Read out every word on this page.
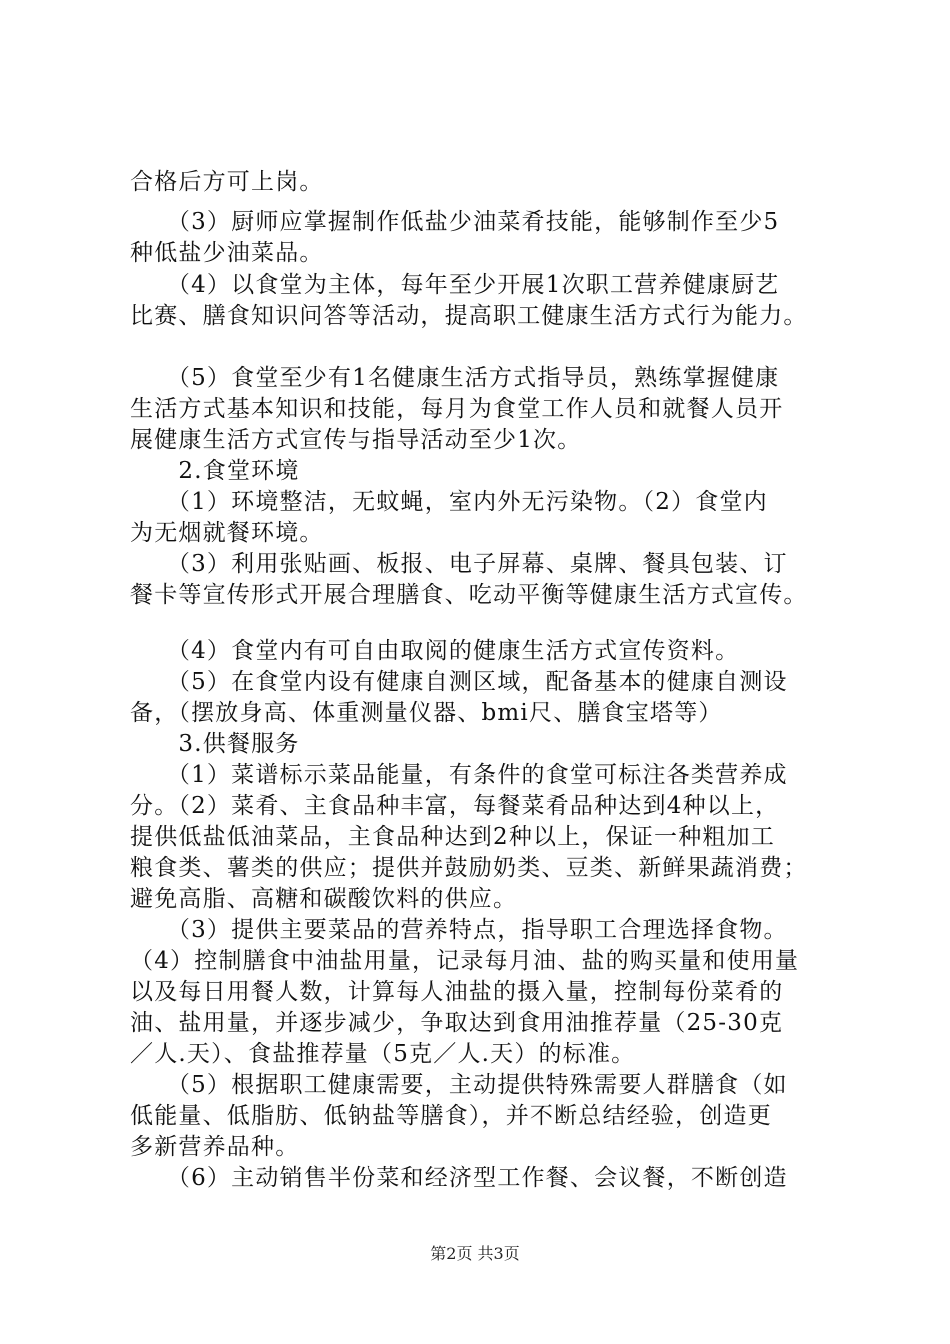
合格后方可上岗。
　　（3）厨师应掌握制作低盐少油菜肴技能，能够制作至少5
种低盐少油菜品。
　　（4）以食堂为主体，每年至少开展1次职工营养健康厨艺
比赛、膳食知识问答等活动，提高职工健康生活方式行为能力。
　　（5）食堂至少有1名健康生活方式指导员，熟练掌握健康
生活方式基本知识和技能，每月为食堂工作人员和就餐人员开
展健康生活方式宣传与指导活动至少1次。
　　2.食堂环境
　　（1）环境整洁，无蚊蝇，室内外无污染物。（2）食堂内
为无烟就餐环境。
　　（3）利用张贴画、板报、电子屏幕、桌牌、餐具包装、订
餐卡等宣传形式开展合理膳食、吃动平衡等健康生活方式宣传。
　　（4）食堂内有可自由取阅的健康生活方式宣传资料。
　　（5）在食堂内设有健康自测区域，配备基本的健康自测设
备，（摆放身高、体重测量仪器、bmi尺、膳食宝塔等）
　　3.供餐服务
　　（1）菜谱标示菜品能量，有条件的食堂可标注各类营养成
分。（2）菜肴、主食品种丰富，每餐菜肴品种达到4种以上，
提供低盐低油菜品，主食品种达到2种以上，保证一种粗加工
粮食类、薯类的供应；提供并鼓励奶类、豆类、新鲜果蔬消费；
避免高脂、高糖和碳酸饮料的供应。
　　（3）提供主要菜品的营养特点，指导职工合理选择食物。
（4）控制膳食中油盐用量，记录每月油、盐的购买量和使用量
以及每日用餐人数，计算每人油盐的摄入量，控制每份菜肴的
油、盐用量，并逐步减少，争取达到食用油推荐量（25-30克
／人.天）、食盐推荐量（5克／人.天）的标准。
　　（5）根据职工健康需要，主动提供特殊需要人群膳食（如
低能量、低脂肪、低钠盐等膳食），并不断总结经验，创造更
多新营养品种。
　　（6）主动销售半份菜和经济型工作餐、会议餐，不断创造
第2页 共3页
